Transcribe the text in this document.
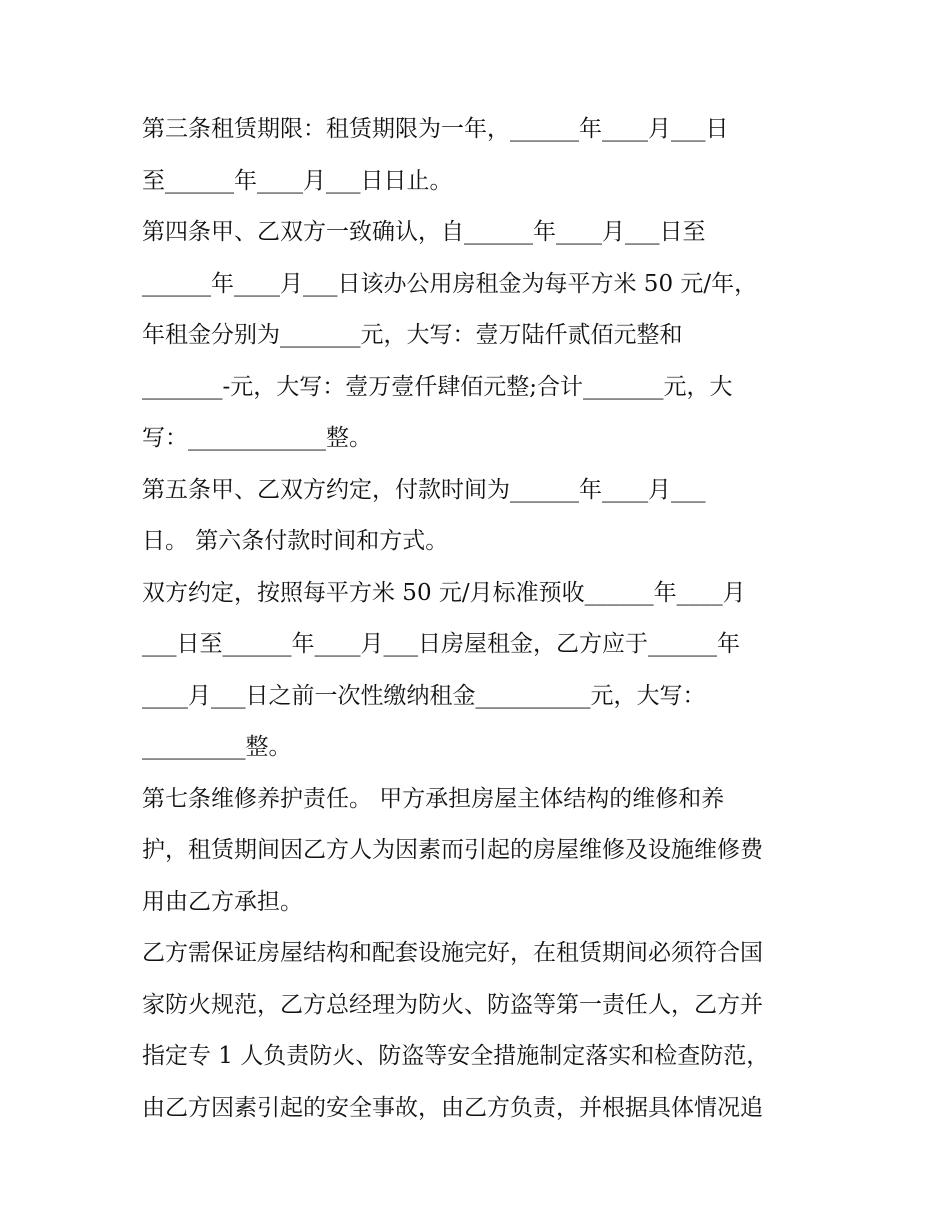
第三条租赁期限：租赁期限为一年，______年____月___日
至______年____月___日日止。
第四条甲、乙双方一致确认，自______年____月___日至
______年____月___日该办公用房租金为每平方米 50 元/年，
年租金分别为_______元，大写：壹万陆仟贰佰元整和
_______-元，大写：壹万壹仟肆佰元整;合计_______元，大
写：____________整。
第五条甲、乙双方约定，付款时间为______年____月___
日。 第六条付款时间和方式。
双方约定，按照每平方米 50 元/月标准预收______年____月
___日至______年____月___日房屋租金，乙方应于______年
____月___日之前一次性缴纳租金__________元，大写：
_________整。
第七条维修养护责任。 甲方承担房屋主体结构的维修和养
护，租赁期间因乙方人为因素而引起的房屋维修及设施维修费
用由乙方承担。
乙方需保证房屋结构和配套设施完好，在租赁期间必须符合国
家防火规范，乙方总经理为防火、防盗等第一责任人，乙方并
指定专 1 人负责防火、防盗等安全措施制定落实和检查防范，
由乙方因素引起的安全事故，由乙方负责，并根据具体情况追
